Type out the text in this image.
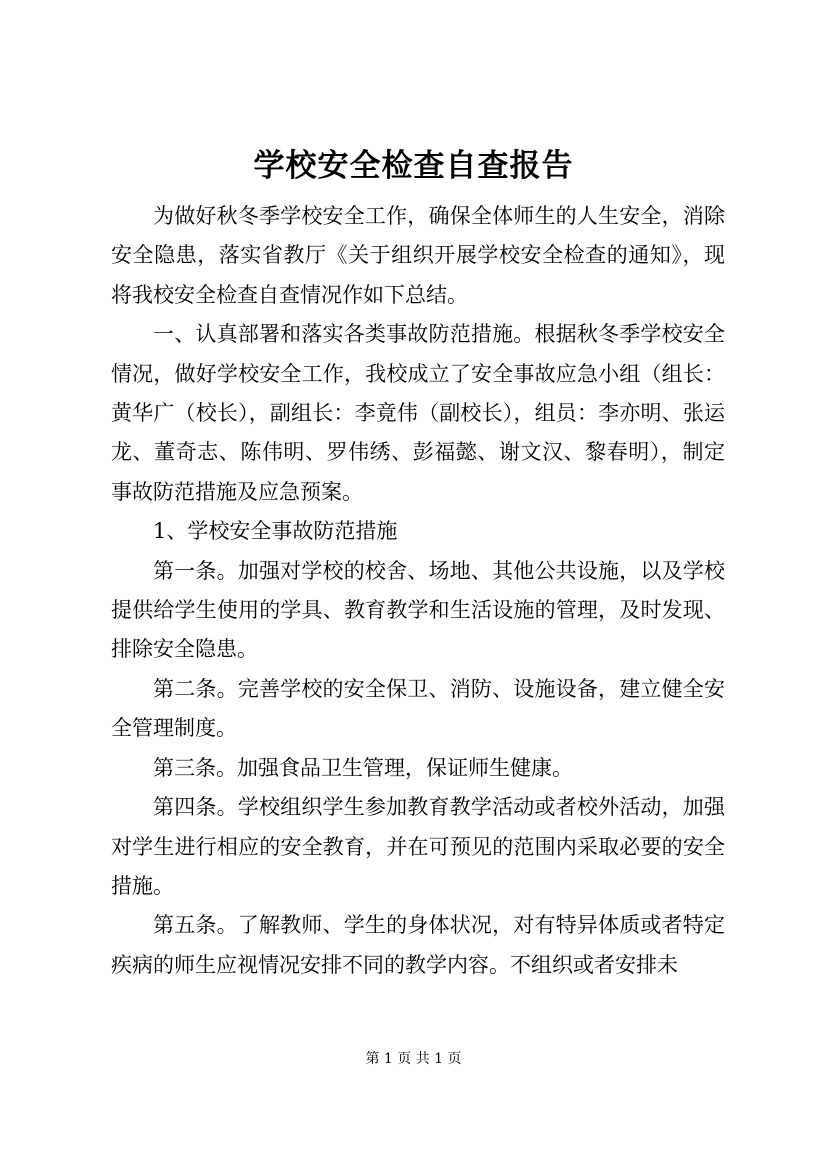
学校安全检查自查报告

为做好秋冬季学校安全工作，确保全体师生的人生安全，消除安全隐患，落实省教厅《关于组织开展学校安全检查的通知》，现将我校安全检查自查情况作如下总结。

一、认真部署和落实各类事故防范措施。根据秋冬季学校安全情况，做好学校安全工作，我校成立了安全事故应急小组（组长：黄华广（校长），副组长：李竟伟（副校长），组员：李亦明、张运龙、董奇志、陈伟明、罗伟绣、彭福懿、谢文汉、黎春明），制定事故防范措施及应急预案。

1、学校安全事故防范措施

第一条。加强对学校的校舍、场地、其他公共设施，以及学校提供给学生使用的学具、教育教学和生活设施的管理，及时发现、排除安全隐患。

第二条。完善学校的安全保卫、消防、设施设备，建立健全安全管理制度。

第三条。加强食品卫生管理，保证师生健康。

第四条。学校组织学生参加教育教学活动或者校外活动，加强对学生进行相应的安全教育，并在可预见的范围内采取必要的安全措施。

第五条。了解教师、学生的身体状况，对有特异体质或者特定疾病的师生应视情况安排不同的教学内容。不组织或者安排未

第 1 页 共 1 页
